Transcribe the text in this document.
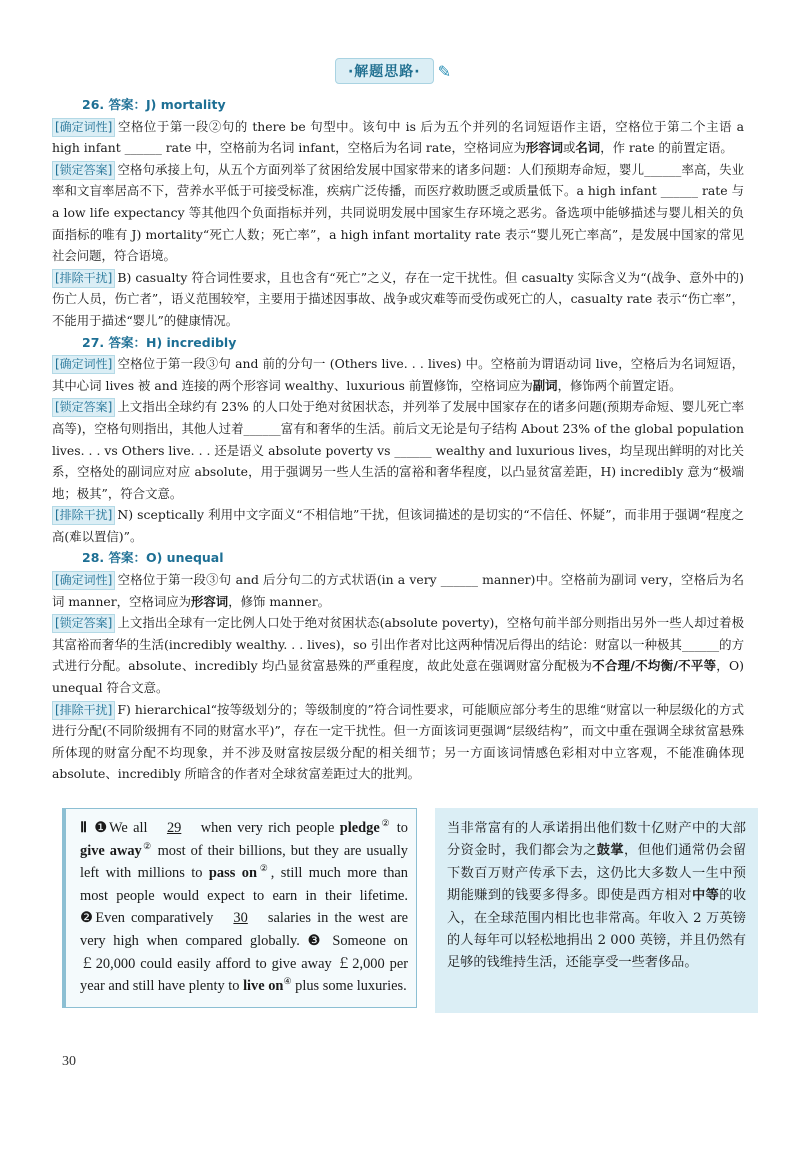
·解题思路·	✎

26. 答案：J) mortality

[确定词性] 空格位于第一段②句的 there be 句型中。该句中 is 后为五个并列的名词短语作主语，空格位于第二个主语 a high infant ______ rate 中，空格前为名词 infant，空格后为名词 rate，空格词应为形容词或名词，作 rate 的前置定语。

[锁定答案] 空格句承接上句，从五个方面列举了贫困给发展中国家带来的诸多问题：人们预期寿命短，婴儿______率高，失业率和文盲率居高不下，营养水平低于可接受标准，疾病广泛传播，而医疗救助匮乏或质量低下。a high infant ______ rate 与 a low life expectancy 等其他四个负面指标并列，共同说明发展中国家生存环境之恶劣。备选项中能够描述与婴儿相关的负面指标的唯有 J) mortality“死亡人数；死亡率”，a high infant mortality rate 表示“婴儿死亡率高”，是发展中国家的常见社会问题，符合语境。

[排除干扰] B) casualty 符合词性要求，且也含有“死亡”之义，存在一定干扰性。但 casualty 实际含义为“(战争、意外中的)伤亡人员，伤亡者”，语义范围较窄，主要用于描述因事故、战争或灾难等而受伤或死亡的人，casualty rate 表示“伤亡率”，不能用于描述“婴儿”的健康情况。

27. 答案：H) incredibly

[确定词性] 空格位于第一段③句 and 前的分句一 (Others live. . . lives) 中。空格前为谓语动词 live，空格后为名词短语，其中心词 lives 被 and 连接的两个形容词 wealthy、luxurious 前置修饰，空格词应为副词，修饰两个前置定语。

[锁定答案] 上文指出全球约有 23% 的人口处于绝对贫困状态，并列举了发展中国家存在的诸多问题(预期寿命短、婴儿死亡率高等)，空格句则指出，其他人过着______富有和奢华的生活。前后文无论是句子结构 About 23% of the global population lives. . . vs Others live. . . 还是语义 absolute poverty vs ______ wealthy and luxurious lives，均呈现出鲜明的对比关系，空格处的副词应对应 absolute，用于强调另一些人生活的富裕和奢华程度，以凸显贫富差距，H) incredibly 意为“极端地；极其”，符合文意。

[排除干扰] N) sceptically 利用中文字面义“不相信地”干扰，但该词描述的是切实的“不信任、怀疑”，而非用于强调“程度之高(难以置信)”。

28. 答案：O) unequal

[确定词性] 空格位于第一段③句 and 后分句二的方式状语(in a very ______ manner)中。空格前为副词 very，空格后为名词 manner，空格词应为形容词，修饰 manner。

[锁定答案] 上文指出全球有一定比例人口处于绝对贫困状态(absolute poverty)，空格句前半部分则指出另外一些人却过着极其富裕而奢华的生活(incredibly wealthy. . . lives)，so 引出作者对比这两种情况后得出的结论：财富以一种极其______的方式进行分配。absolute、incredibly 均凸显贫富悬殊的严重程度，故此处意在强调财富分配极为不合理/不均衡/不平等，O) unequal 符合文意。

[排除干扰] F) hierarchical“按等级划分的；等级制度的”符合词性要求，可能顺应部分考生的思维“财富以一种层级化的方式进行分配(不同阶级拥有不同的财富水平)”，存在一定干扰性。但一方面该词更强调“层级结构”，而文中重在强调全球贫富悬殊所体现的财富分配不均现象，并不涉及财富按层级分配的相关细节；另一方面该词情感色彩相对中立客观，不能准确体现 absolute、incredibly 所暗含的作者对全球贫富差距过大的批判。

Ⅱ ❶We all 29 when very rich people pledge② to give away② most of their billions, but they are usually left with millions to pass on②, still much more than most people would expect to earn in their lifetime. ❷Even comparatively 30 salaries in the west are very high when compared globally. ❸ Someone on ￡20,000 could easily afford to give away ￡2,000 per year and still have plenty to live on④ plus some luxuries.
当非常富有的人承诺捐出他们数十亿财产中的大部分资金时，我们都会为之鼓掌，但他们通常仍会留下数百万财产传承下去，这仍比大多数人一生中预期能赚到的钱要多得多。即使是西方相对中等的收入，在全球范围内相比也非常高。年收入 2 万英镑的人每年可以轻松地捐出 2 000 英镑，并且仍然有足够的钱维持生活，还能享受一些奢侈品。
30
